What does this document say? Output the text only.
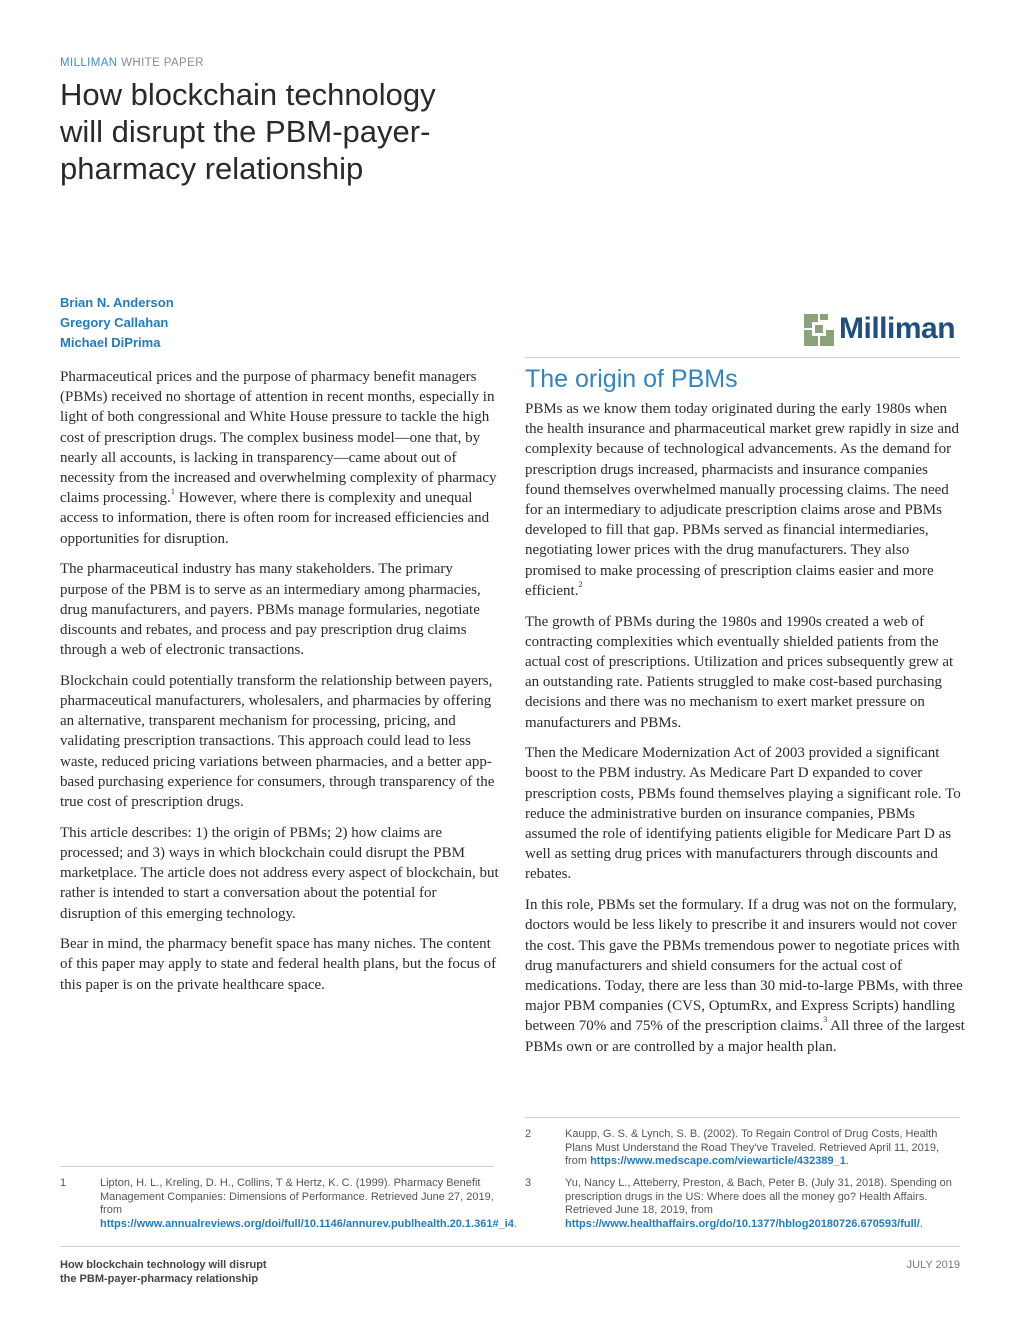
MILLIMAN WHITE PAPER
How blockchain technology will disrupt the PBM-payer-pharmacy relationship
Brian N. Anderson
Gregory Callahan
Michael DiPrima	Milliman

Pharmaceutical prices and the purpose of pharmacy benefit managers (PBMs) received no shortage of attention in recent months, especially in light of both congressional and White House pressure to tackle the high cost of prescription drugs. The complex business model—one that, by nearly all accounts, is lacking in transparency—came about out of necessity from the increased and overwhelming complexity of pharmacy claims processing.$^1$ However, where there is complexity and unequal access to information, there is often room for increased efficiencies and opportunities for disruption.

The pharmaceutical industry has many stakeholders. The primary purpose of the PBM is to serve as an intermediary among pharmacies, drug manufacturers, and payers. PBMs manage formularies, negotiate discounts and rebates, and process and pay prescription drug claims through a web of electronic transactions.

Blockchain could potentially transform the relationship between payers, pharmaceutical manufacturers, wholesalers, and pharmacies by offering an alternative, transparent mechanism for processing, pricing, and validating prescription transactions. This approach could lead to less waste, reduced pricing variations between pharmacies, and a better app-based purchasing experience for consumers, through transparency of the true cost of prescription drugs.

This article describes: 1) the origin of PBMs; 2) how claims are processed; and 3) ways in which blockchain could disrupt the PBM marketplace. The article does not address every aspect of blockchain, but rather is intended to start a conversation about the potential for disruption of this emerging technology.

Bear in mind, the pharmacy benefit space has many niches. The content of this paper may apply to state and federal health plans, but the focus of this paper is on the private healthcare space.

The origin of PBMs

PBMs as we know them today originated during the early 1980s when the health insurance and pharmaceutical market grew rapidly in size and complexity because of technological advancements. As the demand for prescription drugs increased, pharmacists and insurance companies found themselves overwhelmed manually processing claims. The need for an intermediary to adjudicate prescription claims arose and PBMs developed to fill that gap. PBMs served as financial intermediaries, negotiating lower prices with the drug manufacturers. They also promised to make processing of prescription claims easier and more efficient.$^2$

The growth of PBMs during the 1980s and 1990s created a web of contracting complexities which eventually shielded patients from the actual cost of prescriptions. Utilization and prices subsequently grew at an outstanding rate. Patients struggled to make cost-based purchasing decisions and there was no mechanism to exert market pressure on manufacturers and PBMs.

Then the Medicare Modernization Act of 2003 provided a significant boost to the PBM industry. As Medicare Part D expanded to cover prescription costs, PBMs found themselves playing a significant role. To reduce the administrative burden on insurance companies, PBMs assumed the role of identifying patients eligible for Medicare Part D as well as setting drug prices with manufacturers through discounts and rebates.

In this role, PBMs set the formulary. If a drug was not on the formulary, doctors would be less likely to prescribe it and insurers would not cover the cost. This gave the PBMs tremendous power to negotiate prices with drug manufacturers and shield consumers for the actual cost of medications. Today, there are less than 30 mid-to-large PBMs, with three major PBM companies (CVS, OptumRx, and Express Scripts) handling between 70% and 75% of the prescription claims.$^3$ All three of the largest PBMs own or are controlled by a major health plan.

1	Lipton, H. L., Kreling, D. H., Collins, T & Hertz, K. C. (1999). Pharmacy Benefit Management Companies: Dimensions of Performance. Retrieved June 27, 2019, from https://www.annualreviews.org/doi/full/10.1146/annurev.publhealth.20.1.361#_i4.
2	Kaupp, G. S. & Lynch, S. B. (2002). To Regain Control of Drug Costs, Health Plans Must Understand the Road They've Traveled. Retrieved April 11, 2019, from https://www.medscape.com/viewarticle/432389_1.
3	Yu, Nancy L., Atteberry, Preston, & Bach, Peter B. (July 31, 2018). Spending on prescription drugs in the US: Where does all the money go? Health Affairs. Retrieved June 18, 2019, from https://www.healthaffairs.org/do/10.1377/hblog20180726.670593/full/.
How blockchain technology will disrupt
the PBM-payer-pharmacy relationship
JULY 2019
